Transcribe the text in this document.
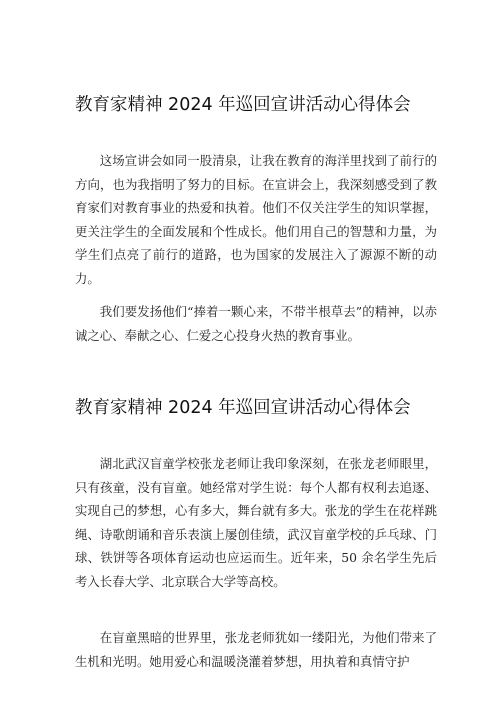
教育家精神 2024 年巡回宣讲活动心得体会

这场宣讲会如同一股清泉，让我在教育的海洋里找到了前行的方向，也为我指明了努力的目标。在宣讲会上，我深刻感受到了教育家们对教育事业的热爱和执着。他们不仅关注学生的知识掌握，更关注学生的全面发展和个性成长。他们用自己的智慧和力量，为学生们点亮了前行的道路，也为国家的发展注入了源源不断的动力。

我们要发扬他们“捧着一颗心来，不带半根草去”的精神，以赤诚之心、奉献之心、仁爱之心投身火热的教育事业。

教育家精神 2024 年巡回宣讲活动心得体会

湖北武汉盲童学校张龙老师让我印象深刻，在张龙老师眼里，只有孩童，没有盲童。她经常对学生说：每个人都有权利去追逐、实现自己的梦想，心有多大，舞台就有多大。张龙的学生在花样跳绳、诗歌朗诵和音乐表演上屡创佳绩，武汉盲童学校的乒乓球、门球、铁饼等各项体育运动也应运而生。近年来，50 余名学生先后考入长春大学、北京联合大学等高校。

在盲童黑暗的世界里，张龙老师犹如一缕阳光，为他们带来了生机和光明。她用爱心和温暖浇灌着梦想，用执着和真情守护
